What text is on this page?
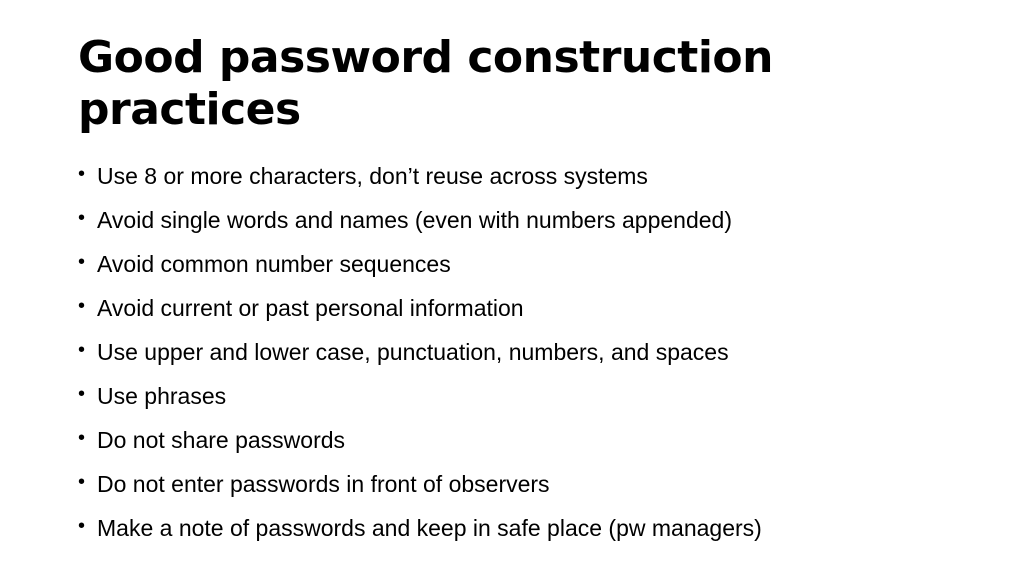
Good password construction practices
• Use 8 or more characters, don’t reuse across systems
• Avoid single words and names (even with numbers appended)
• Avoid common number sequences
• Avoid current or past personal information
• Use upper and lower case, punctuation, numbers, and spaces
• Use phrases
• Do not share passwords
• Do not enter passwords in front of observers
• Make a note of passwords and keep in safe place (pw managers)
